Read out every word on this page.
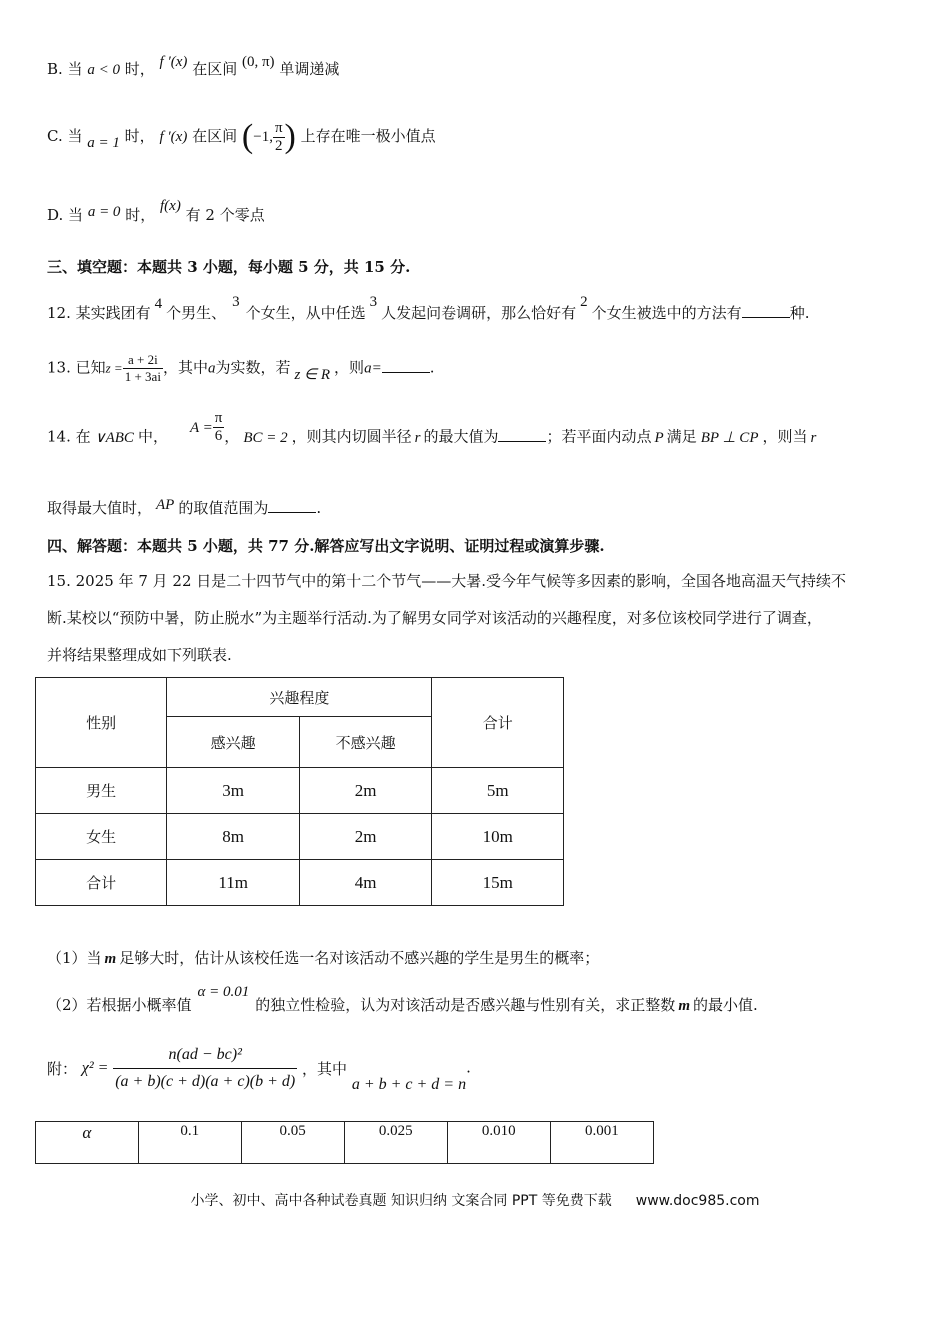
B. 当 a < 0 时， f ′(x) 在区间 (0, π) 单调递减
C. 当 a = 1 时， f ′(x) 在区间 (−1, $\frac{\pi}{2}$ ) 上存在唯一极小值点
D. 当 a = 0 时， f(x) 有 2 个零点
三、填空题：本题共 3 小题，每小题 5 分，共 15 分.
12. 某实践团有 4 个男生、3个女生，从中任选3人发起问卷调研，那么恰好有2个女生被选中的方法有	种.
13. 已知$z = \frac{a + 2i}{1 + 3ai}$ ，其中a为实数，若 z ∈ R ，则a=	.
14. 在 ∨ABC 中， $A = \frac{\pi}{6}$ ， BC = 2 ，则其内切圆半径 r 的最大值为	；若平面内动点 P 满足 BP ⊥ CP ，则当 r
取得最大值时， AP 的取值范围为	.
四、解答题：本题共 5 小题，共 77 分.解答应写出文字说明、证明过程或演算步骤.
15. 2025 年 7 月 22 日是二十四节气中的第十二个节气——大暑.受今年气候等多因素的影响，全国各地高温天气持续不
断.某校以“预防中暑，防止脱水”为主题举行活动.为了解男女同学对该活动的兴趣程度，对多位该校同学进行了调查，
并将结果整理成如下列联表.
性别	兴趣程度		合计
	感兴趣	不感兴趣	
男生	3m	2m	5m
女生	8m	2m	10m
合计	11m	4m	15m
（1）当 m 足够大时，估计从该校任选一名对该活动不感兴趣的学生是男生的概率；
（2）若根据小概率值α = 0.01的独立性检验，认为对该活动是否感兴趣与性别有关，求正整数 m 的最小值.
附： $\chi^2 = \frac{\text{n(ad − bc)²}}{(a + b)(c + d)(a + c)(b + d)}$ ，其中 a + b + c + d = n.
α	0.1	0.05	0.025	0.010	0.001
小学、初中、高中各种试卷真题 知识归纳 文案合同 PPT 等免费下载 www.doc985.com
